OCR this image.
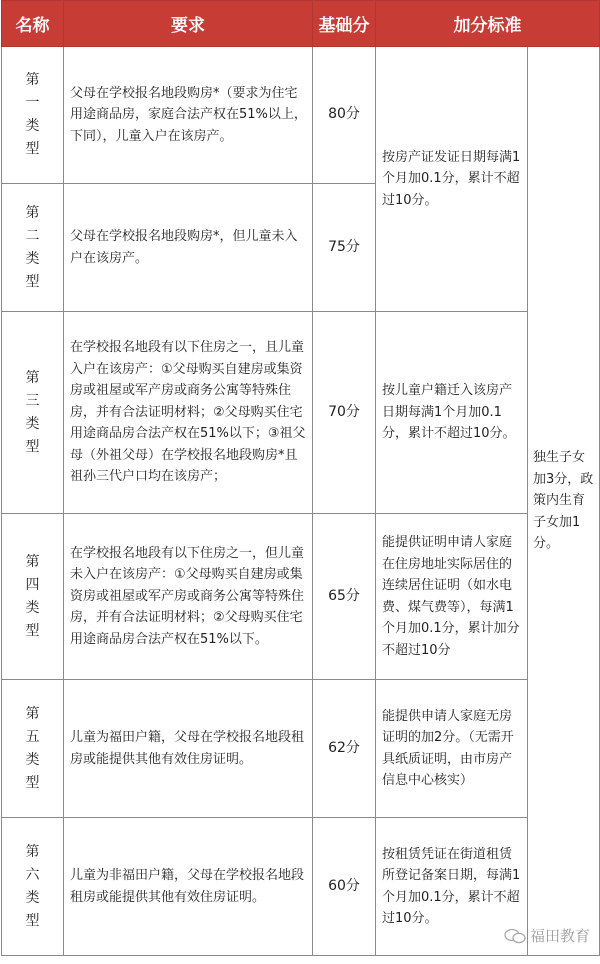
名称	要求	基础分	加分标准	

第
一
类
型	父母在学校报名地段购房*（要求为住宅用途商品房，家庭合法产权在51%以上，下同），儿童入户在该房产。	80分	按房产证发证日期每满1个月加0.1分，累计不超过10分。	独生子女加3分，政策内生育子女加1分。

第
二
类
型	父母在学校报名地段购房*，但儿童未入户在该房产。	75分		

第
三
类
型	在学校报名地段有以下住房之一，且儿童入户在该房产：①父母购买自建房或集资房或祖屋或军产房或商务公寓等特殊住房，并有合法证明材料；②父母购买住宅用途商品房合法产权在51%以下；③祖父母（外祖父母）在学校报名地段购房*且祖孙三代户口均在该房产；	70分	按儿童户籍迁入该房产日期每满1个月加0.1分，累计不超过10分。	

第
四
类
型	在学校报名地段有以下住房之一，但儿童未入户在该房产：①父母购买自建房或集资房或祖屋或军产房或商务公寓等特殊住房，并有合法证明材料；②父母购买住宅用途商品房合法产权在51%以下。	65分	能提供证明申请人家庭在住房地址实际居住的连续居住证明（如水电费、煤气费等），每满1个月加0.1分，累计加分不超过10分	

第
五
类
型	儿童为福田户籍，父母在学校报名地段租房或能提供其他有效住房证明。	62分	能提供申请人家庭无房证明的加2分。（无需开具纸质证明，由市房产信息中心核实）	

第
六
类
型	儿童为非福田户籍，父母在学校报名地段租房或能提供其他有效住房证明。	60分	按租赁凭证在街道租赁所登记备案日期，每满1个月加0.1分，累计不超过10分。	
福田教育
